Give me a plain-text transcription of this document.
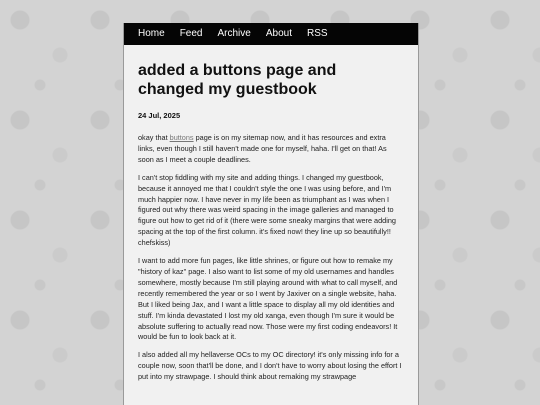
Home Feed Archive About RSS
added a buttons page and changed my guestbook
24 Jul, 2025

okay that buttons page is on my sitemap now, and it has resources and extra links, even though I still haven't made one for myself, haha. I'll get on that! As soon as I meet a couple deadlines.

I can't stop fiddling with my site and adding things. I changed my guestbook, because it annoyed me that I couldn't style the one I was using before, and I'm much happier now. I have never in my life been as triumphant as I was when I figured out why there was weird spacing in the image galleries and managed to figure out how to get rid of it (there were some sneaky margins that were adding spacing at the top of the first column. it's fixed now! they line up so beautifully!! chefskiss)

I want to add more fun pages, like little shrines, or figure out how to remake my "history of kaz" page. I also want to list some of my old usernames and handles somewhere, mostly because I'm still playing around with what to call myself, and recently remembered the year or so I went by Jaxiver on a single website, haha. But I liked being Jax, and I want a little space to display all my old identities and stuff. I'm kinda devastated I lost my old xanga, even though I'm sure it would be absolute suffering to actually read now. Those were my first coding endeavors! It would be fun to look back at it.

I also added all my hellaverse OCs to my OC directory! it's only missing info for a couple now, soon that'll be done, and I don't have to worry about losing the effort I put into my strawpage. I should think about remaking my strawpage
